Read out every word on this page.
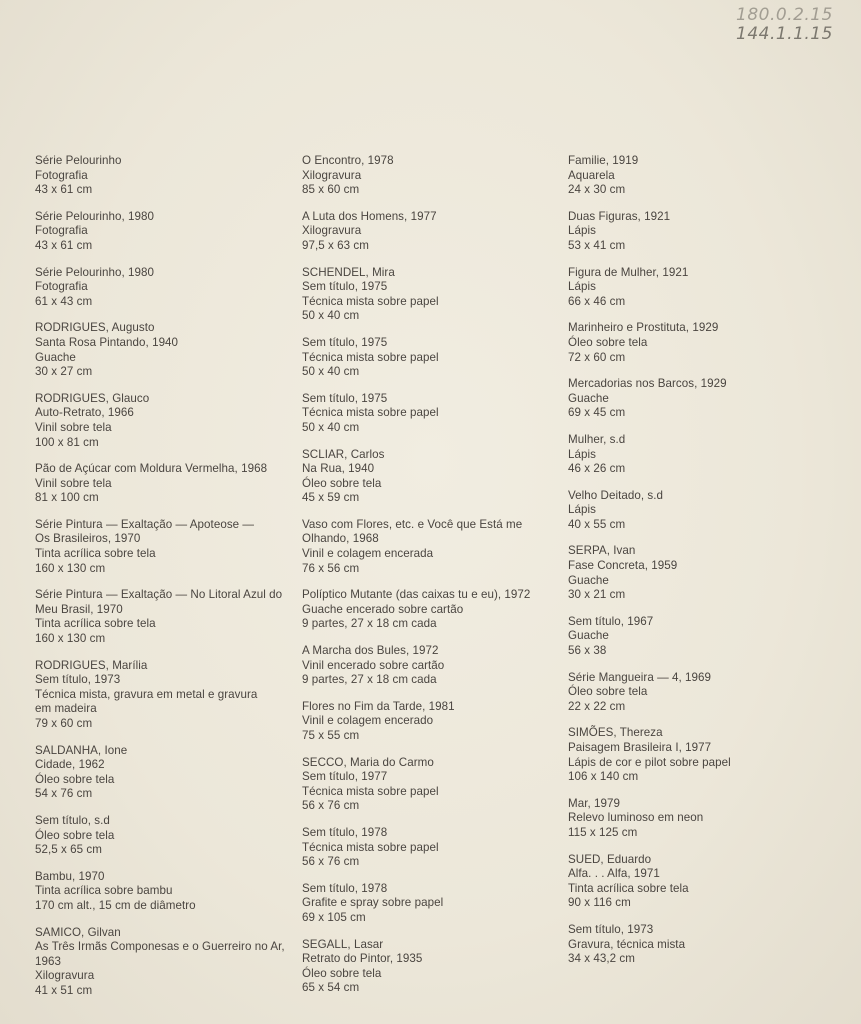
180.0.2.15
144.1.1.15
Série Pelourinho
Fotografia
43 x 61 cm
Série Pelourinho, 1980
Fotografia
43 x 61 cm
Série Pelourinho, 1980
Fotografia
61 x 43 cm
RODRIGUES, Augusto
Santa Rosa Pintando, 1940
Guache
30 x 27 cm
RODRIGUES, Glauco
Auto-Retrato, 1966
Vinil sobre tela
100 x 81 cm
Pão de Açúcar com Moldura Vermelha, 1968
Vinil sobre tela
81 x 100 cm
Série Pintura — Exaltação — Apoteose —
Os Brasileiros, 1970
Tinta acrílica sobre tela
160 x 130 cm
Série Pintura — Exaltação — No Litoral Azul do
Meu Brasil, 1970
Tinta acrílica sobre tela
160 x 130 cm
RODRIGUES, Marília
Sem título, 1973
Técnica mista, gravura em metal e gravura
em madeira
79 x 60 cm
SALDANHA, Ione
Cidade, 1962
Óleo sobre tela
54 x 76 cm
Sem título, s.d
Óleo sobre tela
52,5 x 65 cm
Bambu, 1970
Tinta acrílica sobre bambu
170 cm alt., 15 cm de diâmetro
SAMICO, Gilvan
As Três Irmãs Componesas e o Guerreiro no Ar,
1963
Xilogravura
41 x 51 cm
O Encontro, 1978
Xilogravura
85 x 60 cm
A Luta dos Homens, 1977
Xilogravura
97,5 x 63 cm
SCHENDEL, Mira
Sem título, 1975
Técnica mista sobre papel
50 x 40 cm
Sem título, 1975
Técnica mista sobre papel
50 x 40 cm
Sem título, 1975
Técnica mista sobre papel
50 x 40 cm
SCLIAR, Carlos
Na Rua, 1940
Óleo sobre tela
45 x 59 cm
Vaso com Flores, etc. e Você que Está me
Olhando, 1968
Vinil e colagem encerada
76 x 56 cm
Políptico Mutante (das caixas tu e eu), 1972
Guache encerado sobre cartão
9 partes, 27 x 18 cm cada
A Marcha dos Bules, 1972
Vinil encerado sobre cartão
9 partes, 27 x 18 cm cada
Flores no Fim da Tarde, 1981
Vinil e colagem encerado
75 x 55 cm
SECCO, Maria do Carmo
Sem título, 1977
Técnica mista sobre papel
56 x 76 cm
Sem título, 1978
Técnica mista sobre papel
56 x 76 cm
Sem título, 1978
Grafite e spray sobre papel
69 x 105 cm
SEGALL, Lasar
Retrato do Pintor, 1935
Óleo sobre tela
65 x 54 cm
Familie, 1919
Aquarela
24 x 30 cm
Duas Figuras, 1921
Lápis
53 x 41 cm
Figura de Mulher, 1921
Lápis
66 x 46 cm
Marinheiro e Prostituta, 1929
Óleo sobre tela
72 x 60 cm
Mercadorias nos Barcos, 1929
Guache
69 x 45 cm
Mulher, s.d
Lápis
46 x 26 cm
Velho Deitado, s.d
Lápis
40 x 55 cm
SERPA, Ivan
Fase Concreta, 1959
Guache
30 x 21 cm
Sem título, 1967
Guache
56 x 38
Série Mangueira — 4, 1969
Óleo sobre tela
22 x 22 cm
SIMÕES, Thereza
Paisagem Brasileira I, 1977
Lápis de cor e pilot sobre papel
106 x 140 cm
Mar, 1979
Relevo luminoso em neon
115 x 125 cm
SUED, Eduardo
Alfa. . . Alfa, 1971
Tinta acrílica sobre tela
90 x 116 cm
Sem título, 1973
Gravura, técnica mista
34 x 43,2 cm
